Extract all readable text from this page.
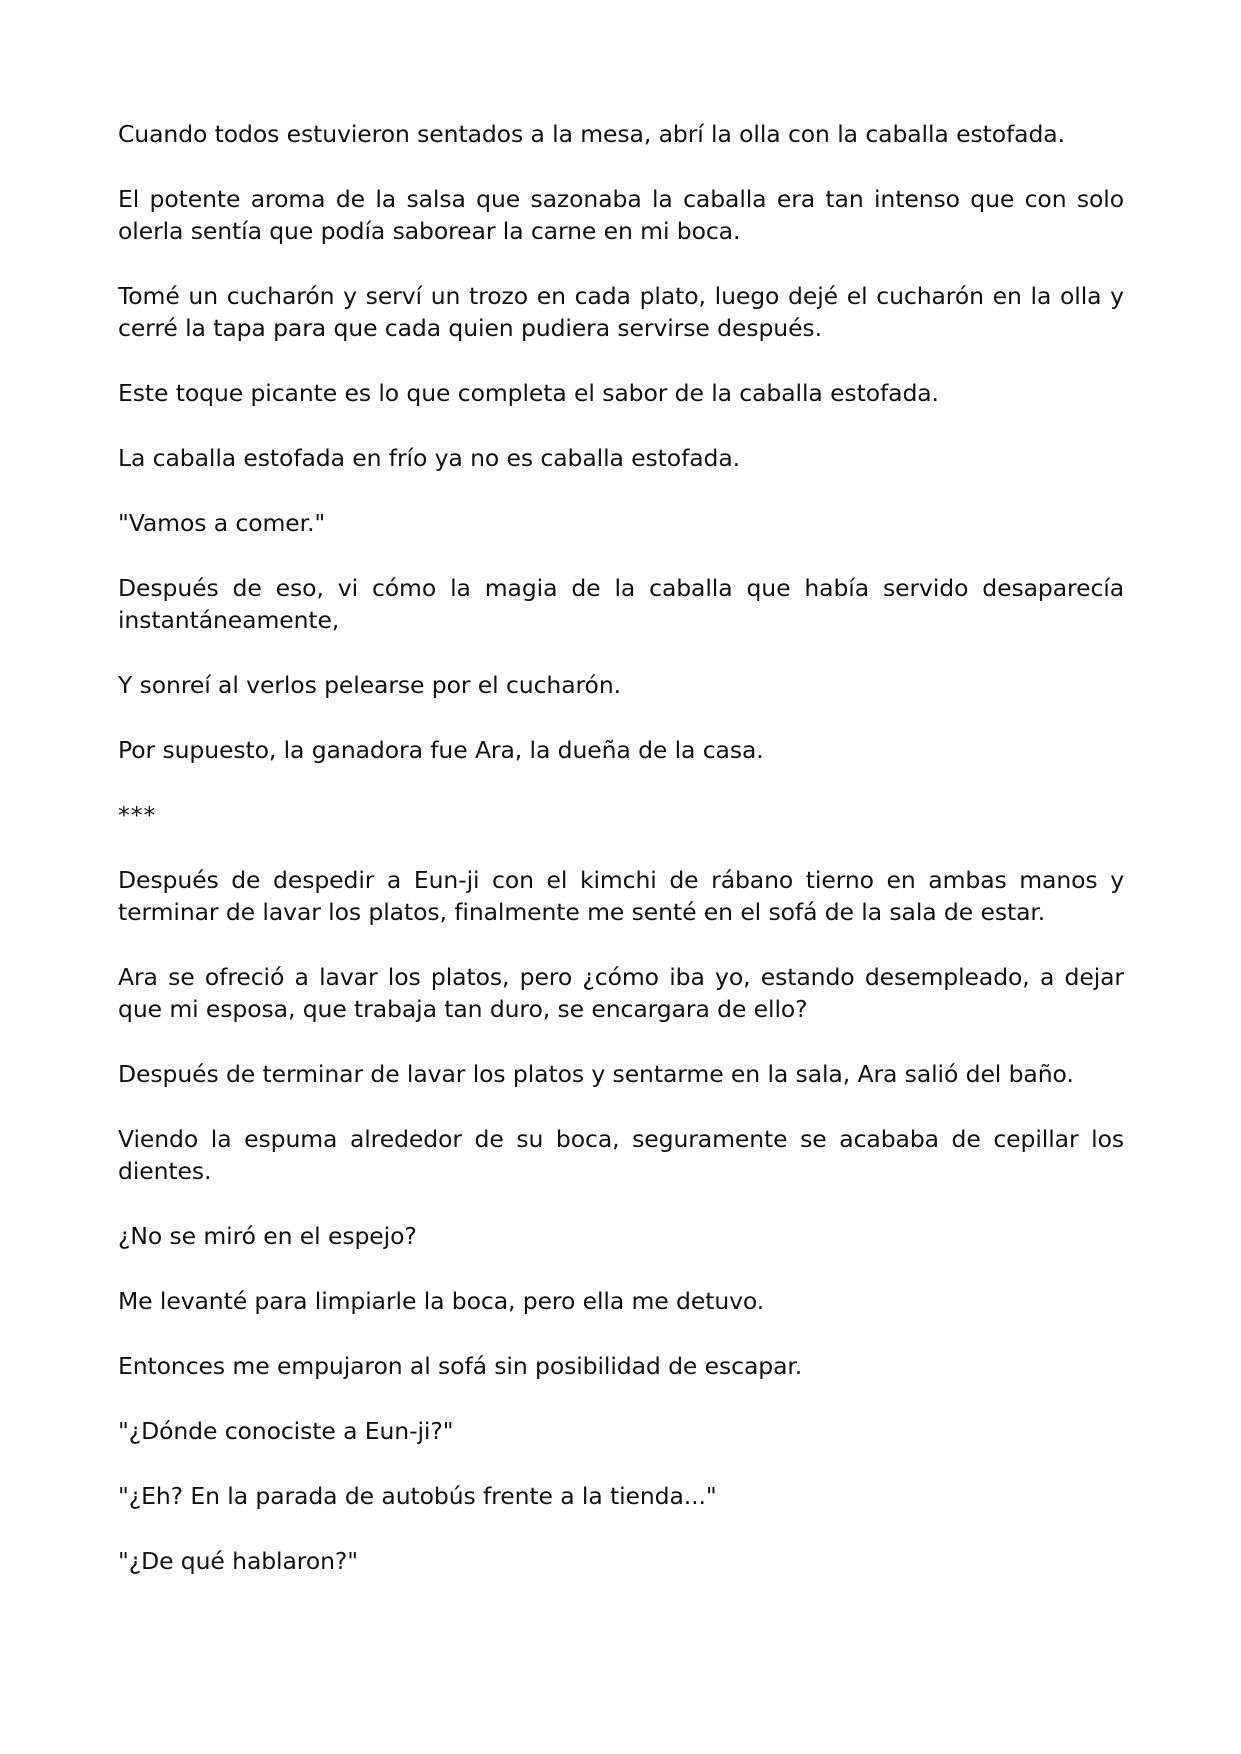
Cuando todos estuvieron sentados a la mesa, abrí la olla con la caballa estofada.

El potente aroma de la salsa que sazonaba la caballa era tan intenso que con solo olerla sentía que podía saborear la carne en mi boca.

Tomé un cucharón y serví un trozo en cada plato, luego dejé el cucharón en la olla y cerré la tapa para que cada quien pudiera servirse después.

Este toque picante es lo que completa el sabor de la caballa estofada.

La caballa estofada en frío ya no es caballa estofada.

"Vamos a comer."

Después de eso, vi cómo la magia de la caballa que había servido desaparecía instantáneamente,

Y sonreí al verlos pelearse por el cucharón.

Por supuesto, la ganadora fue Ara, la dueña de la casa.

***

Después de despedir a Eun-ji con el kimchi de rábano tierno en ambas manos y terminar de lavar los platos, finalmente me senté en el sofá de la sala de estar.

Ara se ofreció a lavar los platos, pero ¿cómo iba yo, estando desempleado, a dejar que mi esposa, que trabaja tan duro, se encargara de ello?

Después de terminar de lavar los platos y sentarme en la sala, Ara salió del baño.

Viendo la espuma alrededor de su boca, seguramente se acababa de cepillar los dientes.

¿No se miró en el espejo?

Me levanté para limpiarle la boca, pero ella me detuvo.

Entonces me empujaron al sofá sin posibilidad de escapar.

"¿Dónde conociste a Eun-ji?"

"¿Eh? En la parada de autobús frente a la tienda..."

"¿De qué hablaron?"
